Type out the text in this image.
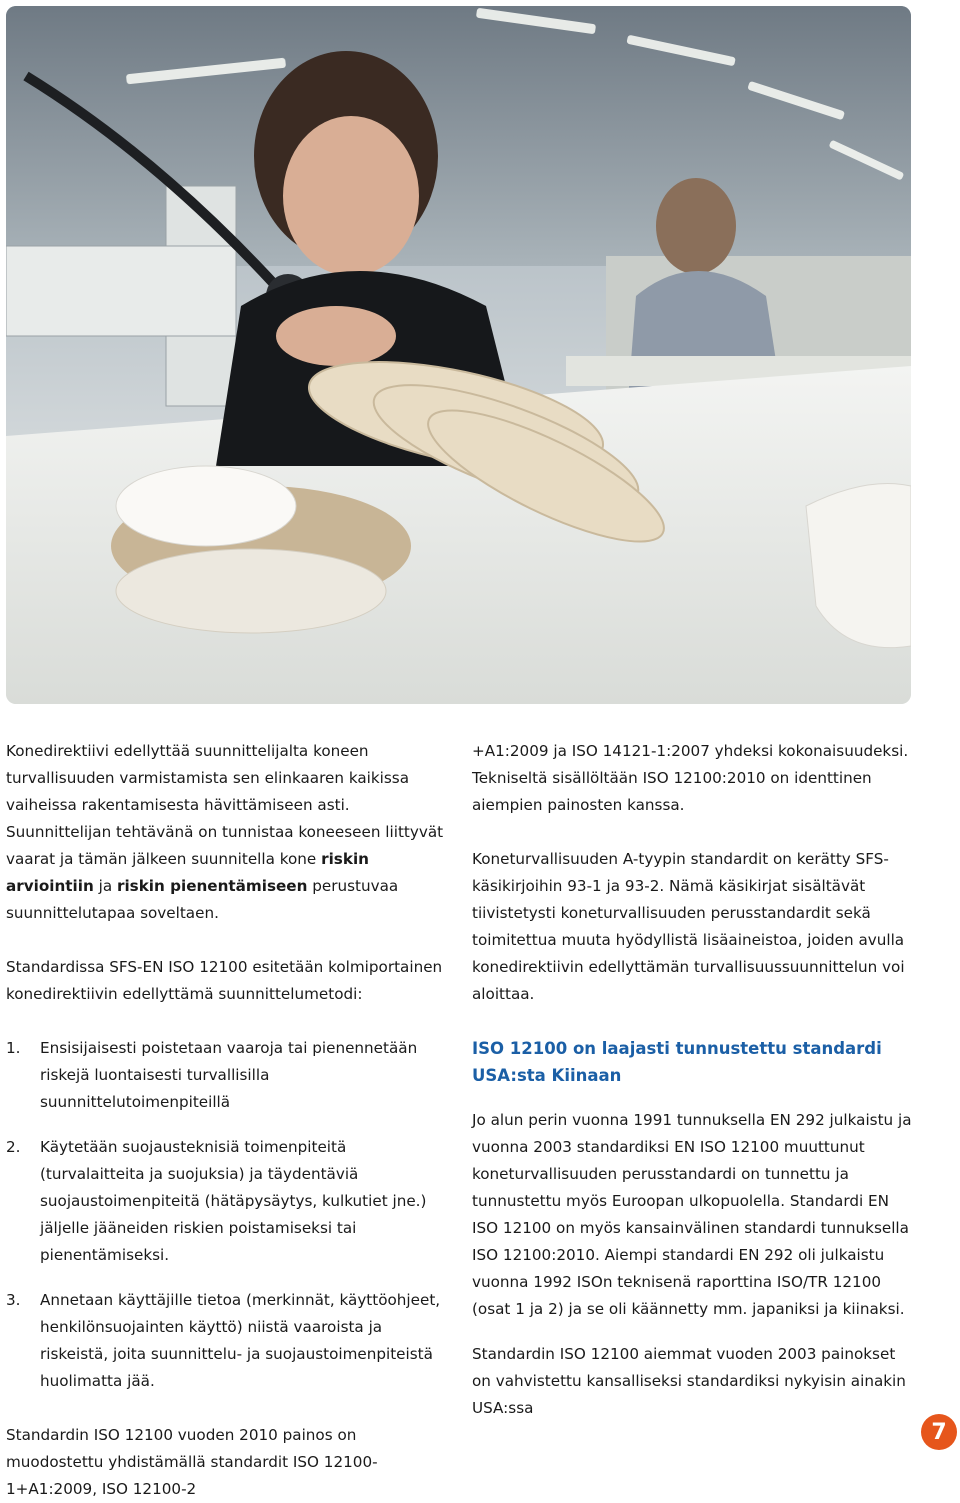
Konedirektiivi edellyttää suunnittelijalta koneen turvallisuuden varmistamista sen elinkaaren kaikissa vaiheissa rakentamisesta hävittämiseen asti. Suunnittelijan tehtävänä on tunnistaa koneeseen liittyvät vaarat ja tämän jälkeen suunnitella kone riskin arviointiin ja riskin pienentämiseen perustuvaa suunnittelutapaa soveltaen.

Standardissa SFS-EN ISO 12100 esitetään kolmiportainen konedirektiivin edellyttämä suunnittelumetodi:

1. Ensisijaisesti poistetaan vaaroja tai pienennetään riskejä luontaisesti turvallisilla suunnittelutoimenpiteillä
2. Käytetään suojausteknisiä toimenpiteitä (turvalaitteita ja suojuksia) ja täydentäviä suojaustoimenpiteitä (hätäpysäytys, kulkutiet jne.) jäljelle jääneiden riskien poistamiseksi tai pienentämiseksi.
3. Annetaan käyttäjille tietoa (merkinnät, käyttöohjeet, henkilönsuojainten käyttö) niistä vaaroista ja riskeistä, joita suunnittelu- ja suojaustoimenpiteistä huolimatta jää.

Standardin ISO 12100 vuoden 2010 painos on muodostettu yhdistämällä standardit ISO 12100-1+A1:2009, ISO 12100-2

+A1:2009 ja ISO 14121-1:2007 yhdeksi kokonaisuudeksi. Tekniseltä sisällöltään ISO 12100:2010 on identtinen aiempien painosten kanssa.

Koneturvallisuuden A-tyypin standardit on kerätty SFS-käsikirjoihin 93-1 ja 93-2. Nämä käsikirjat sisältävät tiivistetysti koneturvallisuuden perusstandardit sekä toimitettua muuta hyödyllistä lisäaineistoa, joiden avulla konedirektiivin edellyttämän turvallisuussuunnittelun voi aloittaa.

ISO 12100 on laajasti tunnustettu standardi USA:sta Kiinaan

Jo alun perin vuonna 1991 tunnuksella EN 292 julkaistu ja vuonna 2003 standardiksi EN ISO 12100 muuttunut koneturvallisuuden perusstandardi on tunnettu ja tunnustettu myös Euroopan ulkopuolella. Standardi EN ISO 12100 on myös kansainvälinen standardi tunnuksella ISO 12100:2010. Aiempi standardi EN 292 oli julkaistu vuonna 1992 ISOn teknisenä raporttina ISO/TR 12100 (osat 1 ja 2) ja se oli käännetty mm. japaniksi ja kiinaksi.

Standardin ISO 12100 aiemmat vuoden 2003 painokset on vahvistettu kansalliseksi standardiksi nykyisin ainakin USA:ssa

7
